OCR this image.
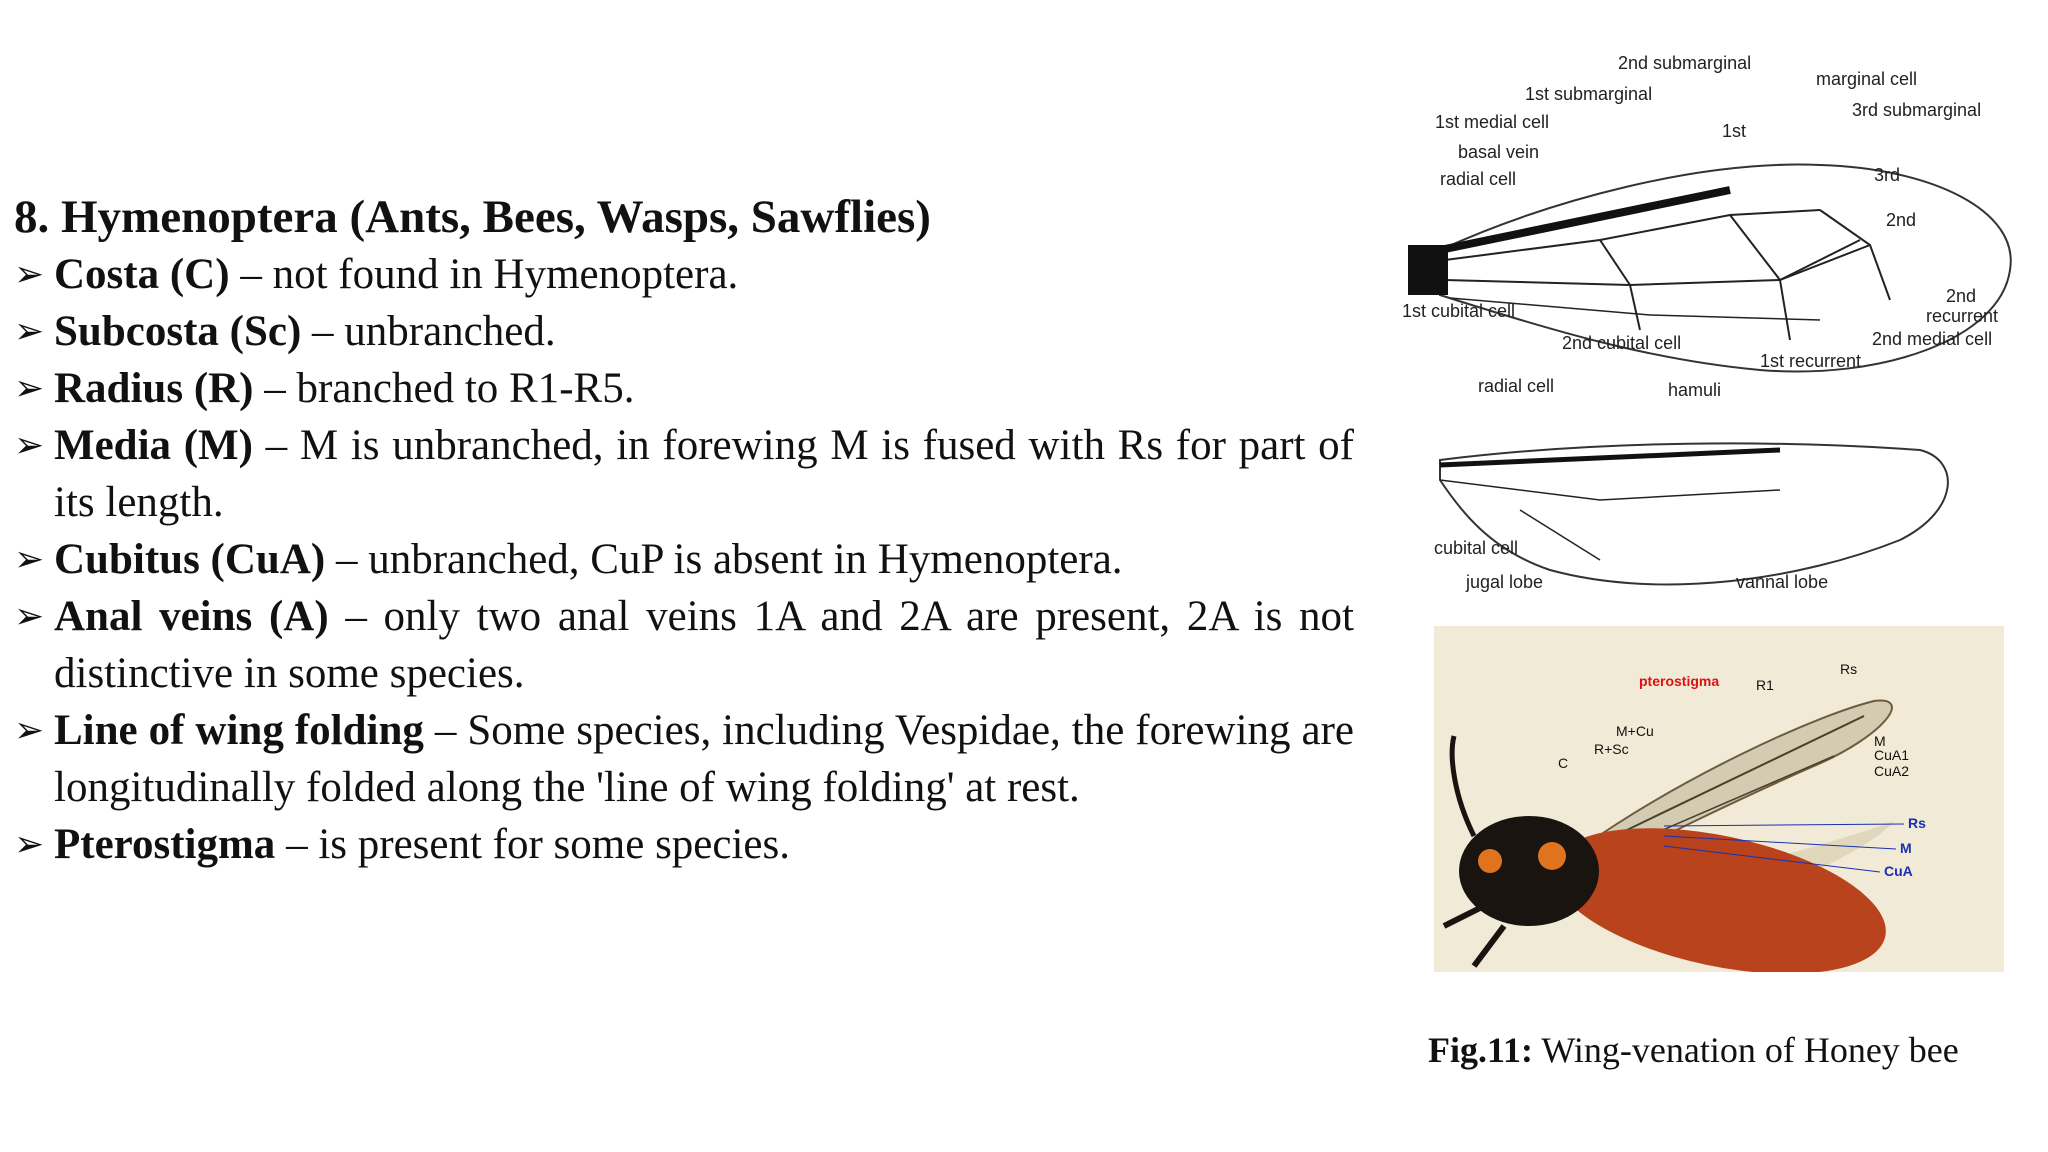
8. Hymenoptera (Ants, Bees, Wasps, Sawflies)
➢ Costa (C) – not found in Hymenoptera.
➢ Subcosta (Sc) – unbranched.
➢ Radius (R) – branched to R1-R5.
➢ Media (M) – M is unbranched, in forewing M is fused with Rs for part of its length.
➢ Cubitus (CuA) – unbranched, CuP is absent in Hymenoptera.
➢ Anal veins (A) – only two anal veins 1A and 2A are present, 2A is not distinctive in some species.
➢ Line of wing folding – Some species, including Vespidae, the forewing are longitudinally folded along the 'line of wing folding' at rest.
➢ Pterostigma – is present for some species.
2nd submarginal
marginal cell
1st submarginal
3rd submarginal
1st medial cell	1st
basal vein
3rd
radial cell
2nd
2nd
recurrent
1st cubital cell
2nd medial cell
2nd cubital cell
1st recurrent
radial cell	hamuli
cubital cell
jugal lobe	vannal lobe
pterostigma	R1
Rs
M+Cu
R+Sc
C
M
CuA1
CuA2
Rs
M
CuA
Fig.11: Wing-venation of Honey bee
